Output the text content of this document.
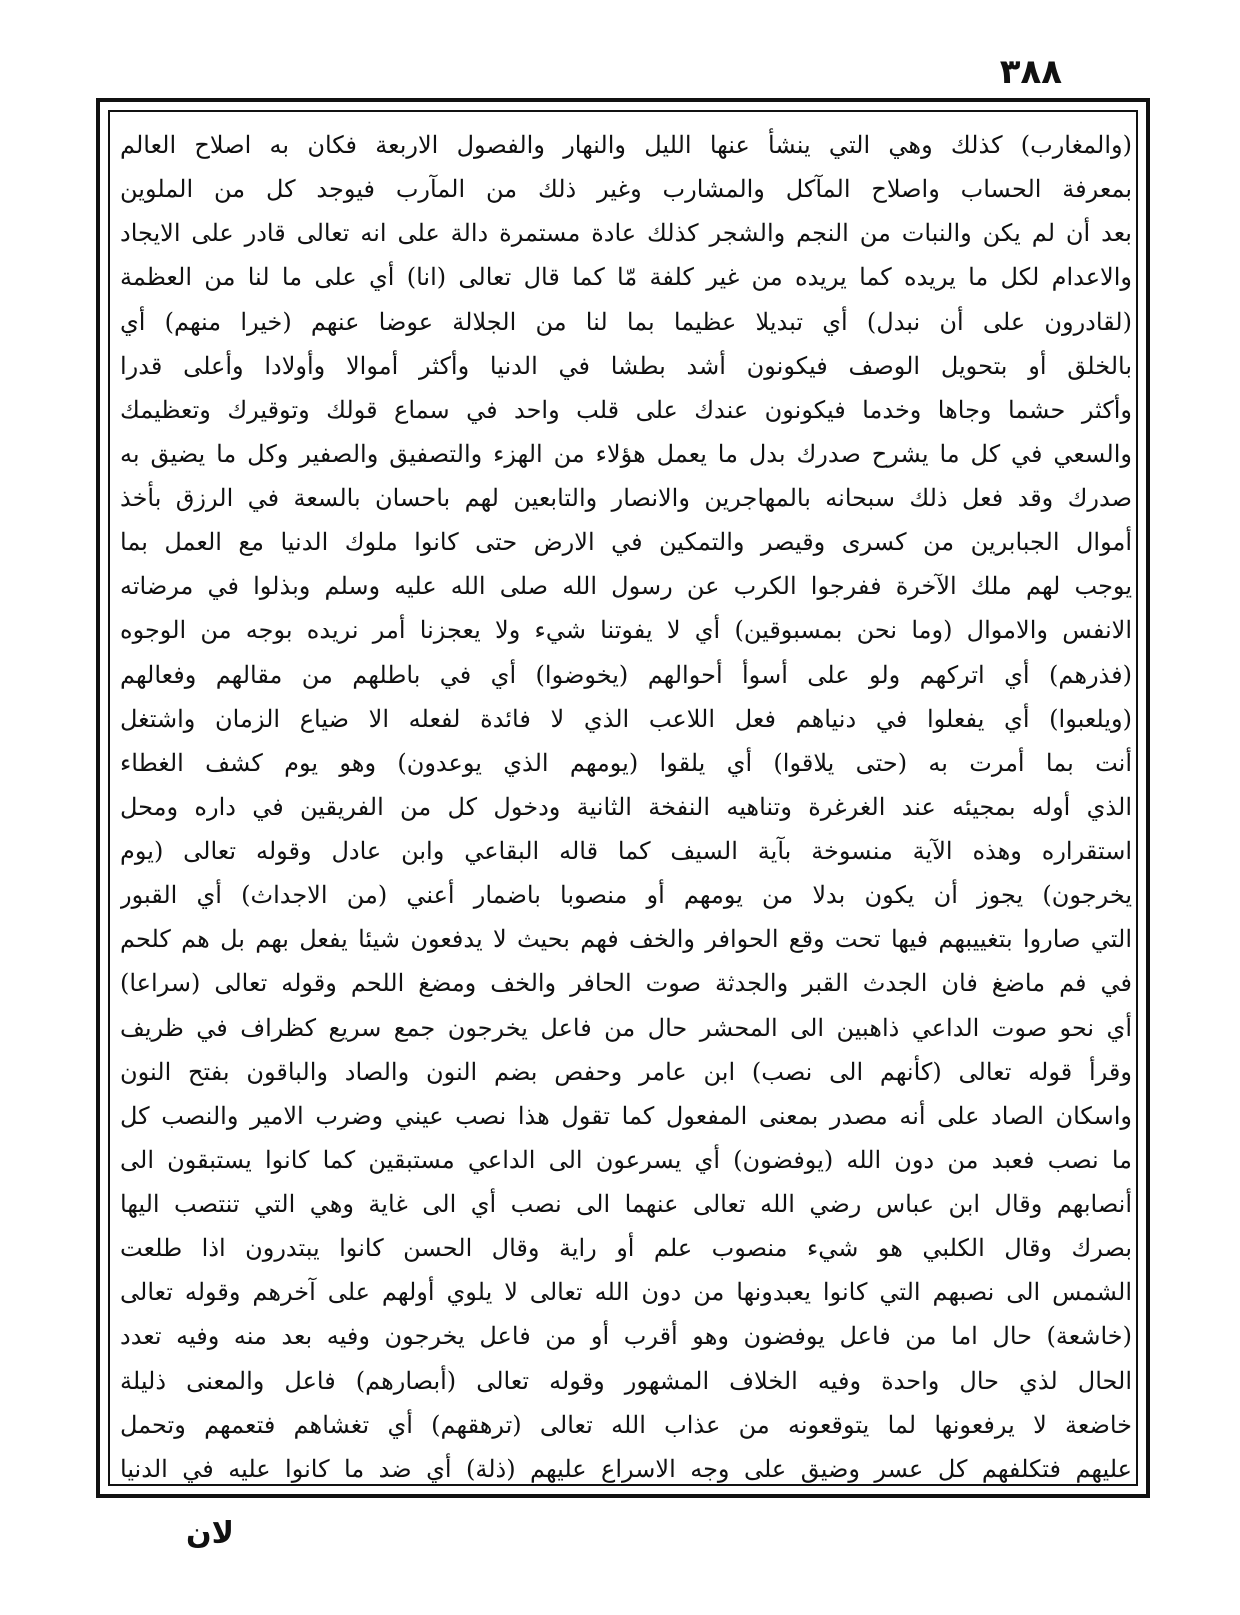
٣٨٨
(والمغارب) كذلك وهي التي ينشأ عنها الليل والنهار والفصول الاربعة فكان به اصلاح العالم
بمعرفة الحساب واصلاح المآكل والمشارب وغير ذلك من المآرب فيوجد كل من الملوين
بعد أن لم يكن والنبات من النجم والشجر كذلك عادة مستمرة دالة على انه تعالى قادر على الايجاد
والاعدام لكل ما يريده كما يريده من غير كلفة مّا كما قال تعالى (انا) أي على ما لنا من العظمة
(لقادرون على أن نبدل) أي تبديلا عظيما بما لنا من الجلالة عوضا عنهم (خيرا منهم) أي
بالخلق أو بتحويل الوصف فيكونون أشد بطشا في الدنيا وأكثر أموالا وأولادا وأعلى قدرا
وأكثر حشما وجاها وخدما فيكونون عندك على قلب واحد في سماع قولك وتوقيرك وتعظيمك
والسعي في كل ما يشرح صدرك بدل ما يعمل هؤلاء من الهزء والتصفيق والصفير وكل ما يضيق به
صدرك وقد فعل ذلك سبحانه بالمهاجرين والانصار والتابعين لهم باحسان بالسعة في الرزق بأخذ
أموال الجبابرين من كسرى وقيصر والتمكين في الارض حتى كانوا ملوك الدنيا مع العمل بما
يوجب لهم ملك الآخرة ففرجوا الكرب عن رسول الله صلى الله عليه وسلم وبذلوا في مرضاته
الانفس والاموال (وما نحن بمسبوقين) أي لا يفوتنا شيء ولا يعجزنا أمر نريده بوجه من الوجوه
(فذرهم) أي اتركهم ولو على أسوأ أحوالهم (يخوضوا) أي في باطلهم من مقالهم وفعالهم
(ويلعبوا) أي يفعلوا في دنياهم فعل اللاعب الذي لا فائدة لفعله الا ضياع الزمان واشتغل
أنت بما أمرت به (حتى يلاقوا) أي يلقوا (يومهم الذي يوعدون) وهو يوم كشف الغطاء
الذي أوله بمجيئه عند الغرغرة وتناهيه النفخة الثانية ودخول كل من الفريقين في داره ومحل
استقراره وهذه الآية منسوخة بآية السيف كما قاله البقاعي وابن عادل وقوله تعالى (يوم
يخرجون) يجوز أن يكون بدلا من يومهم أو منصوبا باضمار أعني (من الاجداث) أي القبور
التي صاروا بتغييبهم فيها تحت وقع الحوافر والخف فهم بحيث لا يدفعون شيئا يفعل بهم بل هم كلحم
في فم ماضغ فان الجدث القبر والجدثة صوت الحافر والخف ومضغ اللحم وقوله تعالى (سراعا)
أي نحو صوت الداعي ذاهبين الى المحشر حال من فاعل يخرجون جمع سريع كظراف في ظريف
وقرأ قوله تعالى (كأنهم الى نصب) ابن عامر وحفص بضم النون والصاد والباقون بفتح النون
واسكان الصاد على أنه مصدر بمعنى المفعول كما تقول هذا نصب عيني وضرب الامير والنصب كل
ما نصب فعبد من دون الله (يوفضون) أي يسرعون الى الداعي مستبقين كما كانوا يستبقون الى
أنصابهم وقال ابن عباس رضي الله تعالى عنهما الى نصب أي الى غاية وهي التي تنتصب اليها
بصرك وقال الكلبي هو شيء منصوب علم أو راية وقال الحسن كانوا يبتدرون اذا طلعت
الشمس الى نصبهم التي كانوا يعبدونها من دون الله تعالى لا يلوي أولهم على آخرهم وقوله تعالى
(خاشعة) حال اما من فاعل يوفضون وهو أقرب أو من فاعل يخرجون وفيه بعد منه وفيه تعدد
الحال لذي حال واحدة وفيه الخلاف المشهور وقوله تعالى (أبصارهم) فاعل والمعنى ذليلة
خاضعة لا يرفعونها لما يتوقعونه من عذاب الله تعالى (ترهقهم) أي تغشاهم فتعمهم وتحمل
عليهم فتكلفهم كل عسر وضيق على وجه الاسراع عليهم (ذلة) أي ضد ما كانوا عليه في الدنيا
لان
